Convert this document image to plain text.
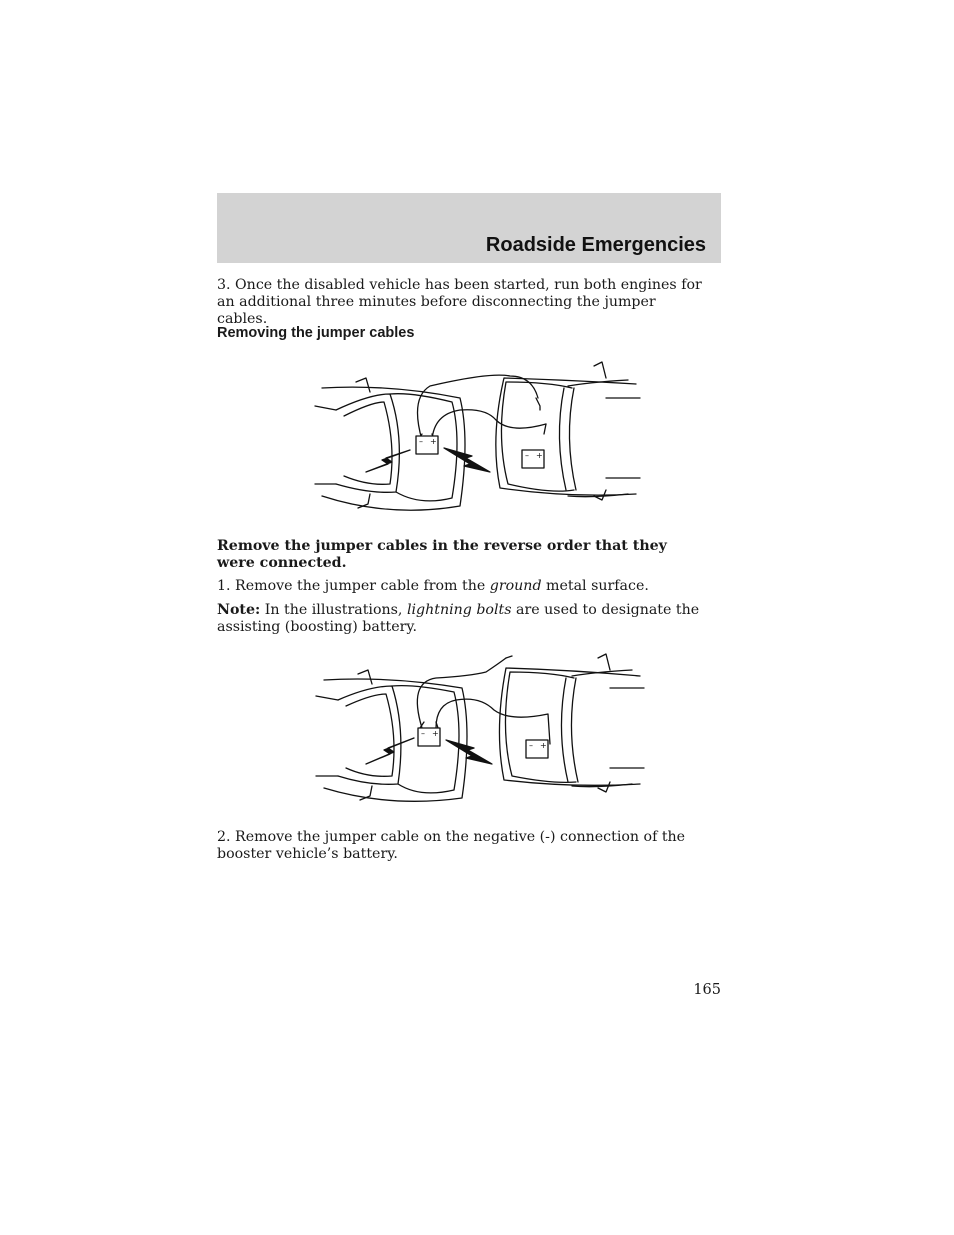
Roadside Emergencies
3. Once the disabled vehicle has been started, run both engines for an additional three minutes before disconnecting the jumper cables.
Removing the jumper cables
– +
– +
Remove the jumper cables in the reverse order that they were connected.
1. Remove the jumper cable from the ground metal surface.
Note: In the illustrations, lightning bolts are used to designate the assisting (boosting) battery.
– +
– +
2. Remove the jumper cable on the negative (-) connection of the booster vehicle’s battery.
165
